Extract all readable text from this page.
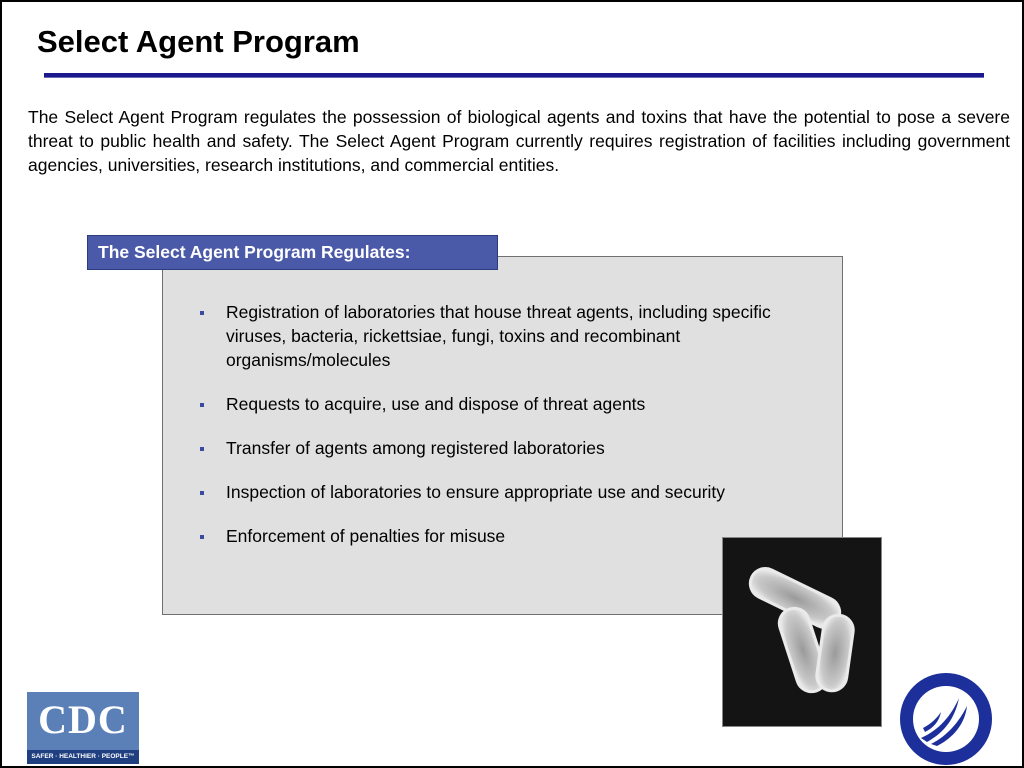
Select Agent Program

The Select Agent Program regulates the possession of biological agents and toxins that have the potential to pose a severe threat to public health and safety. The Select Agent Program currently requires registration of facilities including government agencies, universities, research institutions, and commercial entities.

The Select Agent Program Regulates:
Registration of laboratories that house threat agents, including specific viruses, bacteria, rickettsiae, fungi, toxins and recombinant organisms/molecules
Requests to acquire, use and dispose of threat agents
Transfer of agents among registered laboratories
Inspection of laboratories to ensure appropriate use and security
Enforcement of penalties for misuse
CDC
SAFER · HEALTHIER · PEOPLE™
